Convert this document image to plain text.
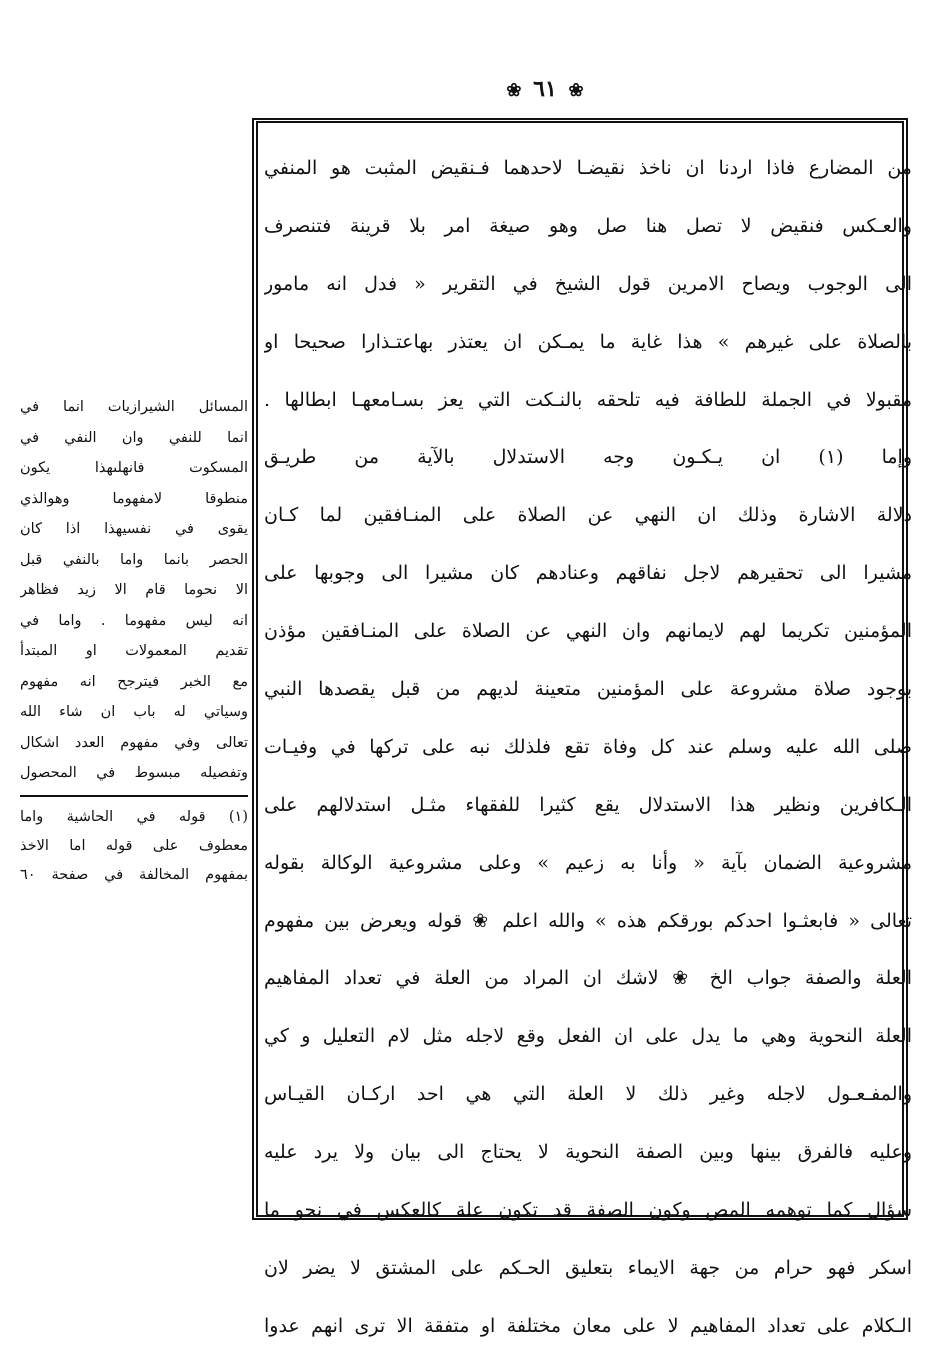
❀ ٦١ ❀
من المضارع فاذا اردنا ان ناخذ نقيضـا لاحدهما فـنقيض المثبت هو المنفي
والعـكس فنقيض لا تصل هنا صل وهو صيغة امر بلا قرينة فتنصرف
الى الوجوب ويصاح الامرين قول الشيخ في التقرير « فدل انه مامور
بالصلاة على غيرهم » هذا غاية ما يمـكن ان يعتذر بهاعتـذارا صحيحا او
مقبولا في الجملة للطافة فيه تلحقه بالنـكت التي يعز بسـامعهـا ابطالها .
وإما (١) ان يـكـون وجه الاستدلال بالآية من طريـق
دلالة الاشارة وذلك ان النهي عن الصلاة على المنـافقين لما كـان
مشيرا الى تحقيرهم لاجل نفاقهم وعنادهم كان مشيرا الى وجوبها على
المؤمنين تكريما لهم لايمانهم وان النهي عن الصلاة على المنـافقين مؤذن
بوجود صلاة مشروعة على المؤمنين متعينة لديهم من قبل يقصدها النبي
صلى الله عليه وسلم عند كل وفاة تقع فلذلك نبه على تركها في وفيـات
الـكافرين ونظير هذا الاستدلال يقع كثيرا للفقهاء مثـل استدلالهم على
مشروعية الضمان بآية « وأنا به زعيم » وعلى مشروعية الوكالة بقوله
تعالى « فابعثـوا احدكم بورقكم هذه » والله اعلم ❀ قوله ويعرض بين مفهوم
العلة والصفة جواب الخ ❀ لاشك ان المراد من العلة في تعداد المفاهيم
العلة النحوية وهي ما يدل على ان الفعل وقع لاجله مثل لام التعليل و كي
والمفـعـول لاجله وغير ذلك لا العلة التي هي احد اركـان القيـاس
وعليه فالفرق بينها وبين الصفة النحوية لا يحتاج الى بيان ولا يرد عليه
سؤال كما توهمه المص وكون الصفة قد تكون علة كالعكس في نحو ما
اسكر فهو حرام من جهة الايماء بتعليق الحـكم على المشتق لا يضر لان
الـكلام على تعداد المفاهيم لا على معان مختلفة او متفقة الا ترى انهم عدوا
المسائل الشيرازيات انما في
انما للنفي وان النفي في
المسكوت فانهلىهذا يكون
منطوقا لامفهوما وهوالذي
يقوى في نفسيهذا اذا كان
الحصر بانما واما بالنفي قبل
الا نحوما قام الا زيد فظاهر
انه ليس مفهوما . واما في
تقديم المعمولات او المبتدأ
مع الخبر فيترجح انه مفهوم
وسياتي له باب ان شاء الله
تعالى وفي مفهوم العدد اشكال
وتفصيله مبسوط في المحصول
(١) قوله في الحاشية واما
معطوف على قوله اما الاخذ
بمفهوم المخالفة في صفحة ٦٠
